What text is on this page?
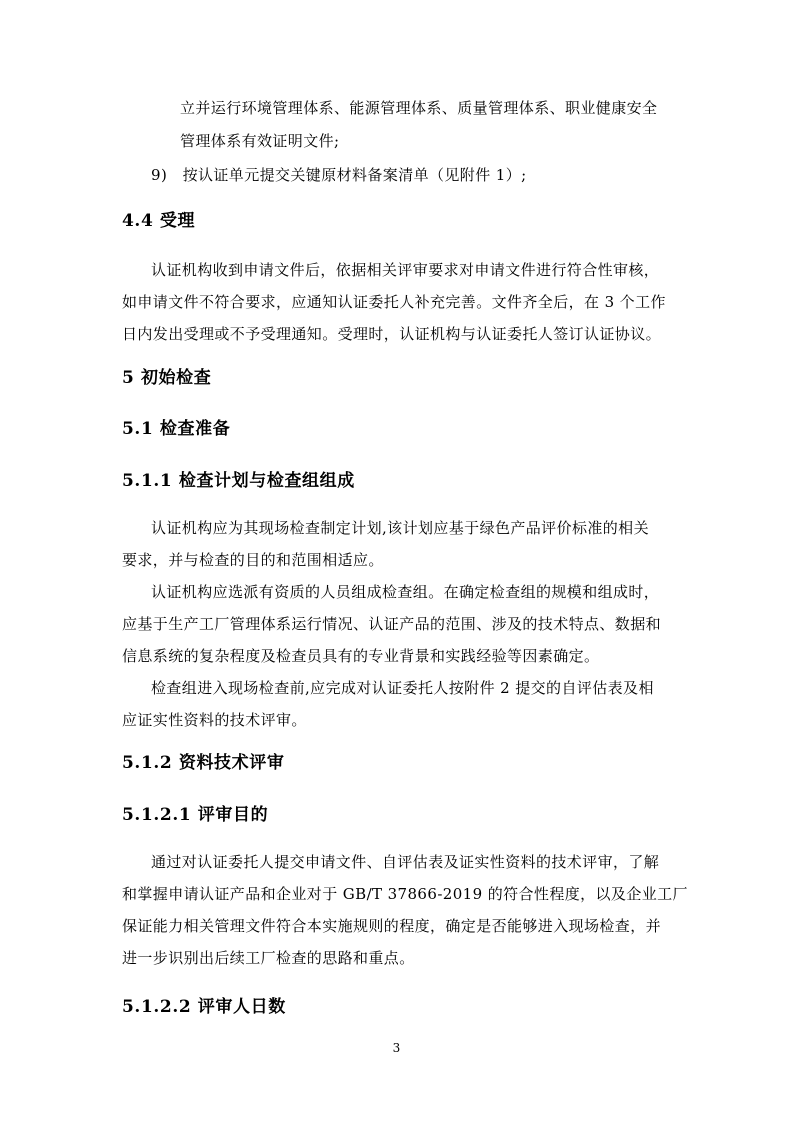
立并运行环境管理体系、能源管理体系、质量管理体系、职业健康安全
管理体系有效证明文件;
9)　按认证单元提交关键原材料备案清单（见附件 1）;
4.4 受理
认证机构收到申请文件后，依据相关评审要求对申请文件进行符合性审核，
如申请文件不符合要求，应通知认证委托人补充完善。文件齐全后，在 3 个工作
日内发出受理或不予受理通知。受理时，认证机构与认证委托人签订认证协议。
5 初始检查
5.1 检查准备
5.1.1 检查计划与检查组组成
认证机构应为其现场检查制定计划,该计划应基于绿色产品评价标准的相关
要求，并与检查的目的和范围相适应。
认证机构应选派有资质的人员组成检查组。在确定检查组的规模和组成时，
应基于生产工厂管理体系运行情况、认证产品的范围、涉及的技术特点、数据和
信息系统的复杂程度及检查员具有的专业背景和实践经验等因素确定。
检查组进入现场检查前,应完成对认证委托人按附件 2 提交的自评估表及相
应证实性资料的技术评审。
5.1.2 资料技术评审
5.1.2.1 评审目的
通过对认证委托人提交申请文件、自评估表及证实性资料的技术评审，了解
和掌握申请认证产品和企业对于 GB/T 37866-2019 的符合性程度，以及企业工厂
保证能力相关管理文件符合本实施规则的程度，确定是否能够进入现场检查，并
进一步识别出后续工厂检查的思路和重点。
5.1.2.2 评审人日数
3
